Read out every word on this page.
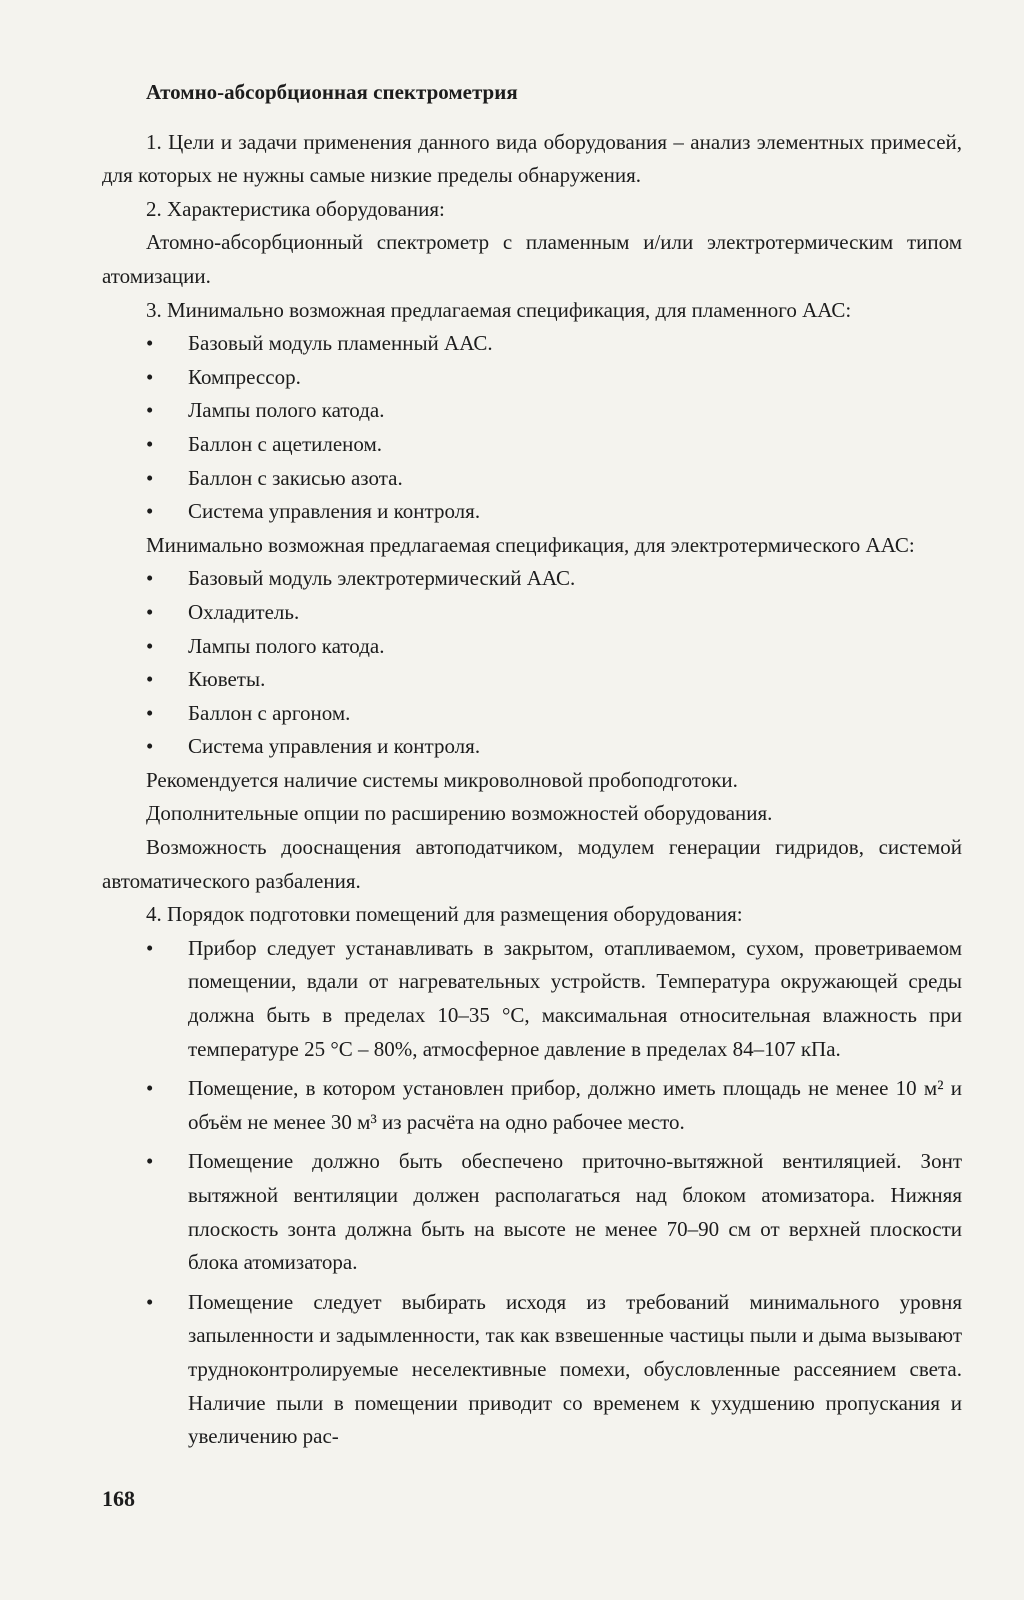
Атомно-абсорбционная спектрометрия

1. Цели и задачи применения данного вида оборудования – анализ элементных примесей, для которых не нужны самые низкие пределы обнаружения.

2. Характеристика оборудования:

Атомно-абсорбционный спектрометр с пламенным и/или электротермическим типом атомизации.

3. Минимально возможная предлагаемая спецификация, для пламенного ААС:

• Базовый модуль пламенный ААС.
• Компрессор.
• Лампы полого катода.
• Баллон с ацетиленом.
• Баллон с закисью азота.
• Система управления и контроля.

Минимально возможная предлагаемая спецификация, для электротермического ААС:

• Базовый модуль электротермический ААС.
• Охладитель.
• Лампы полого катода.
• Кюветы.
• Баллон с аргоном.
• Система управления и контроля.

Рекомендуется наличие системы микроволновой пробоподготоки.

Дополнительные опции по расширению возможностей оборудования.

Возможность дооснащения автоподатчиком, модулем генерации гидридов, системой автоматического разбаления.

4. Порядок подготовки помещений для размещения оборудования:

• Прибор следует устанавливать в закрытом, отапливаемом, сухом, проветриваемом помещении, вдали от нагревательных устройств. Температура окружающей среды должна быть в пределах 10–35 °С, максимальная относительная влажность при температуре 25 °С – 80%, атмосферное давление в пределах 84–107 кПа.
• Помещение, в котором установлен прибор, должно иметь площадь не менее 10 м² и объём не менее 30 м³ из расчёта на одно рабочее место.
• Помещение должно быть обеспечено приточно-вытяжной вентиляцией. Зонт вытяжной вентиляции должен располагаться над блоком атомизатора. Нижняя плоскость зонта должна быть на высоте не менее 70–90 см от верхней плоскости блока атомизатора.
• Помещение следует выбирать исходя из требований минимального уровня запыленности и задымленности, так как взвешенные частицы пыли и дыма вызывают трудноконтролируемые неселективные помехи, обусловленные рассеянием света. Наличие пыли в помещении приводит со временем к ухудшению пропускания и увеличению рас-
168
